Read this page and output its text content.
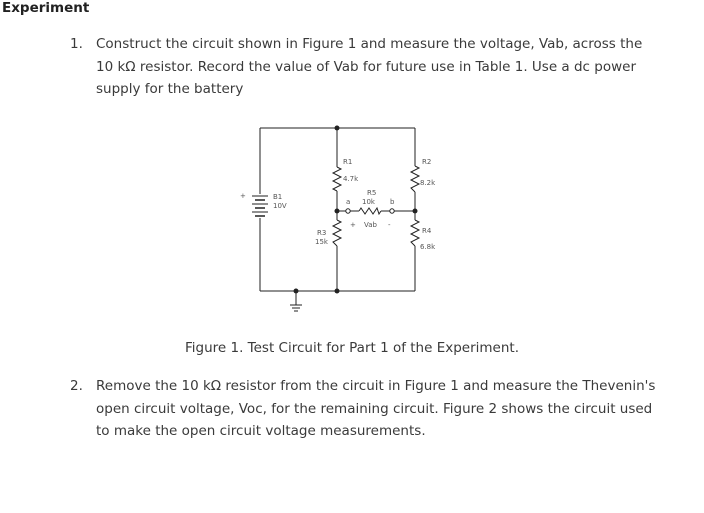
Experiment
1. Construct the circuit shown in Figure 1 and measure the voltage, Vab, across the 10 kΩ resistor. Record the value of Vab for future use in Table 1. Use a dc power supply for the battery
+	B1
10V
R1
4.7k
R2
8.2k
R5
10k
a	b
+ Vab -
R3
15k
R4
6.8k
Figure 1. Test Circuit for Part 1 of the Experiment.
2. Remove the 10 kΩ resistor from the circuit in Figure 1 and measure the Thevenin's open circuit voltage, Voc, for the remaining circuit. Figure 2 shows the circuit used to make the open circuit voltage measurements.
